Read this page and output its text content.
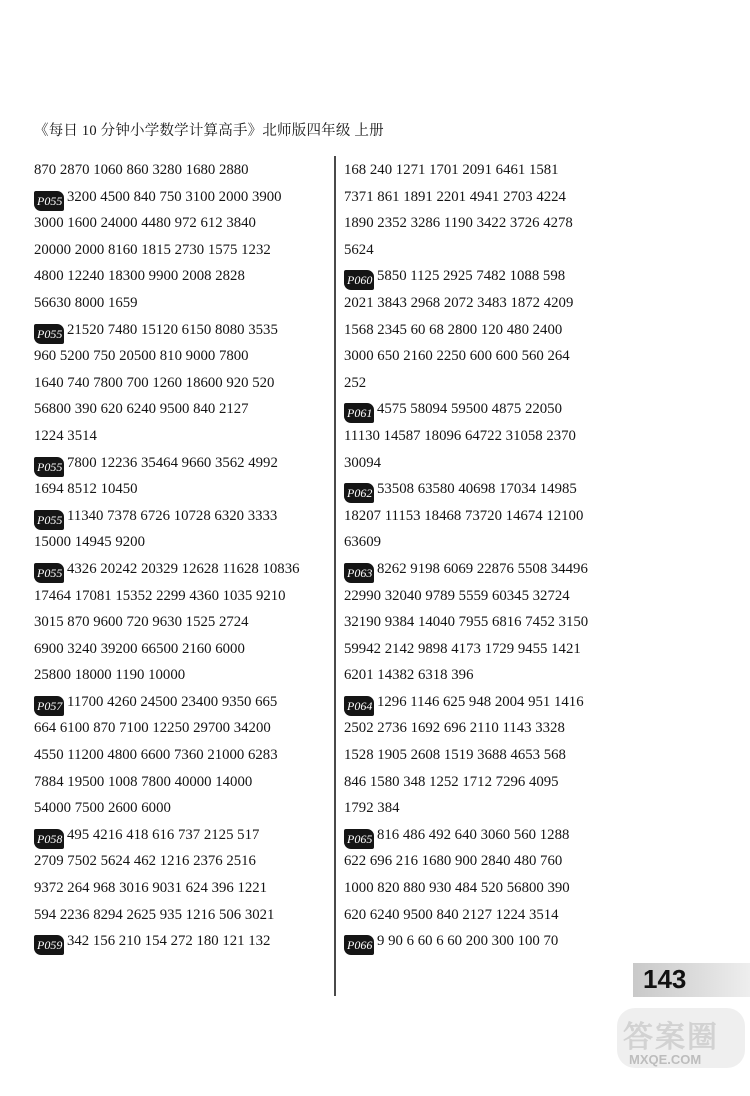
《每日 10 分钟小学数学计算高手》北师版四年级 上册
870 2870 1060 860 3280 1680 2880
P055 3200 4500 840 750 3100 2000 3900
3000 1600 24000 4480 972 612 3840
20000 2000 8160 1815 2730 1575 1232
4800 12240 18300 9900 2008 2828
56630 8000 1659
P055 21520 7480 15120 6150 8080 3535
960 5200 750 20500 810 9000 7800
1640 740 7800 700 1260 18600 920 520
56800 390 620 6240 9500 840 2127
1224 3514
P055 7800 12236 35464 9660 3562 4992
1694 8512 10450
P055 11340 7378 6726 10728 6320 3333
15000 14945 9200
P055 4326 20242 20329 12628 11628 10836
17464 17081 15352 2299 4360 1035 9210
3015 870 9600 720 9630 1525 2724
6900 3240 39200 66500 2160 6000
25800 18000 1190 10000
P057 11700 4260 24500 23400 9350 665
664 6100 870 7100 12250 29700 34200
4550 11200 4800 6600 7360 21000 6283
7884 19500 1008 7800 40000 14000
54000 7500 2600 6000
P058 495 4216 418 616 737 2125 517
2709 7502 5624 462 1216 2376 2516
9372 264 968 3016 9031 624 396 1221
594 2236 8294 2625 935 1216 506 3021
P059 342 156 210 154 272 180 121 132
168 240 1271 1701 2091 6461 1581
7371 861 1891 2201 4941 2703 4224
1890 2352 3286 1190 3422 3726 4278
5624
P060 5850 1125 2925 7482 1088 598
2021 3843 2968 2072 3483 1872 4209
1568 2345 60 68 2800 120 480 2400
3000 650 2160 2250 600 600 560 264
252
P061 4575 58094 59500 4875 22050
11130 14587 18096 64722 31058 2370
30094
P062 53508 63580 40698 17034 14985
18207 11153 18468 73720 14674 12100
63609
P063 8262 9198 6069 22876 5508 34496
22990 32040 9789 5559 60345 32724
32190 9384 14040 7955 6816 7452 3150
59942 2142 9898 4173 1729 9455 1421
6201 14382 6318 396
P064 1296 1146 625 948 2004 951 1416
2502 2736 1692 696 2110 1143 3328
1528 1905 2608 1519 3688 4653 568
846 1580 348 1252 1712 7296 4095
1792 384
P065 816 486 492 640 3060 560 1288
622 696 216 1680 900 2840 480 760
1000 820 880 930 484 520 56800 390
620 6240 9500 840 2127 1224 3514
P066 9 90 6 60 6 60 200 300 100 70
143
答案圈
MXQE.COM
